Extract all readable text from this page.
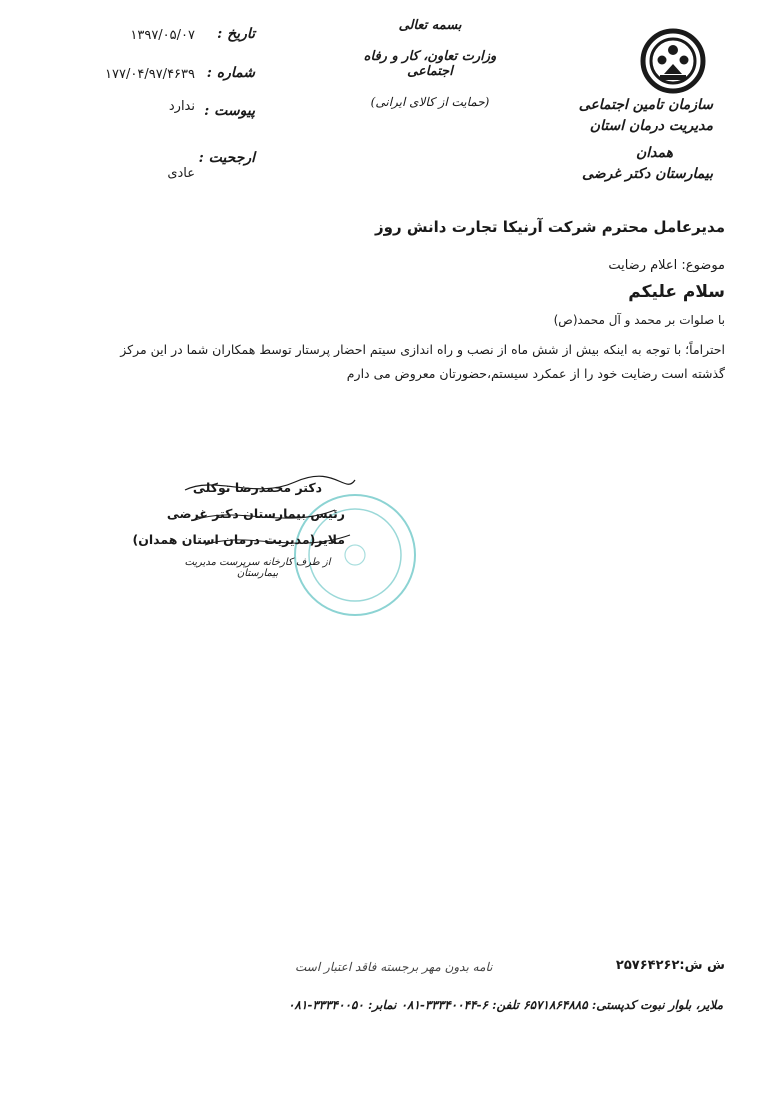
سازمان تامین اجتماعی
مدیریت درمان استان
همدان
بیمارستان دکتر غرضی
بسمه تعالی
وزارت تعاون، کار و رفاه اجتماعی
(حمایت از کالای ایرانی)
تاریخ :
۱۳۹۷/۰۵/۰۷
شماره :
۱۷۷/۰۴/۹۷/۴۶۳۹
پیوست :
ندارد
ارجحیت :
عادی
مدیرعامل محترم شرکت آرنیکا تجارت دانش روز
موضوع: اعلام رضایت
سلام علیکم
با صلوات بر محمد و آل محمد(ص)
احتراماً؛ با توجه به اینکه بیش از شش ماه از نصب و راه اندازی سیتم احضار پرستار توسط همکاران شما در این مرکز
گذشته است رضایت خود را از عمکرد سیستم،حضورتان معروض می دارم
دکتر محمدرضا توکلی
رئیس بیمارستان دکتر غرضی
ملایر(مدیریت درمان استان همدان)
از طرف کارخانه سرپرست مدیریت بیمارستان
نامه بدون مهر برجسته فاقد اعتبار است	ش ش:۲۵۷۶۴۲۶۲
ملایر، بلوار نبوت کدپستی: ۶۵۷۱۸۶۴۸۸۵ تلفن: ۶-۳۳۳۴۰۰۴۴-۰۸۱ نمابر: ۳۳۳۴۰۰۵۰-۰۸۱
